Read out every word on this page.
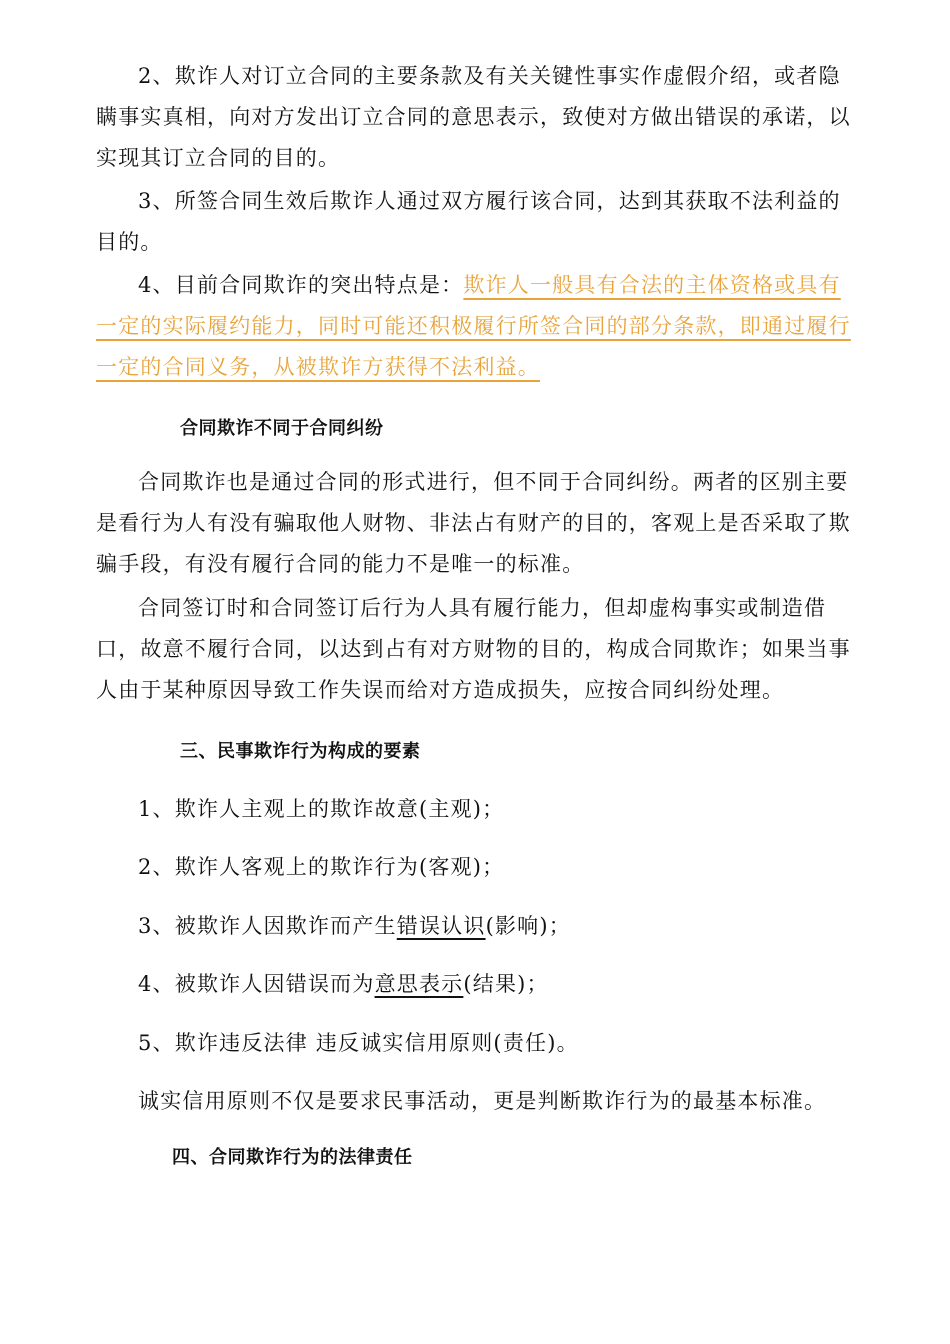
2、欺诈人对订立合同的主要条款及有关关键性事实作虚假介绍，或者隐瞒事实真相，向对方发出订立合同的意思表示，致使对方做出错误的承诺，以实现其订立合同的目的。

3、所签合同生效后欺诈人通过双方履行该合同，达到其获取不法利益的目的。

4、目前合同欺诈的突出特点是：欺诈人一般具有合法的主体资格或具有一定的实际履约能力，同时可能还积极履行所签合同的部分条款，即通过履行一定的合同义务，从被欺诈方获得不法利益。

合同欺诈不同于合同纠纷

合同欺诈也是通过合同的形式进行，但不同于合同纠纷。两者的区别主要是看行为人有没有骗取他人财物、非法占有财产的目的，客观上是否采取了欺骗手段，有没有履行合同的能力不是唯一的标准。

合同签订时和合同签订后行为人具有履行能力，但却虚构事实或制造借口，故意不履行合同，以达到占有对方财物的目的，构成合同欺诈；如果当事人由于某种原因导致工作失误而给对方造成损失，应按合同纠纷处理。

三、民事欺诈行为构成的要素

1、欺诈人主观上的欺诈故意(主观)；

2、欺诈人客观上的欺诈行为(客观)；

3、被欺诈人因欺诈而产生错误认识(影响)；

4、被欺诈人因错误而为意思表示(结果)；

5、欺诈违反法律 违反诚实信用原则(责任)。

诚实信用原则不仅是要求民事活动，更是判断欺诈行为的最基本标准。

四、合同欺诈行为的法律责任
